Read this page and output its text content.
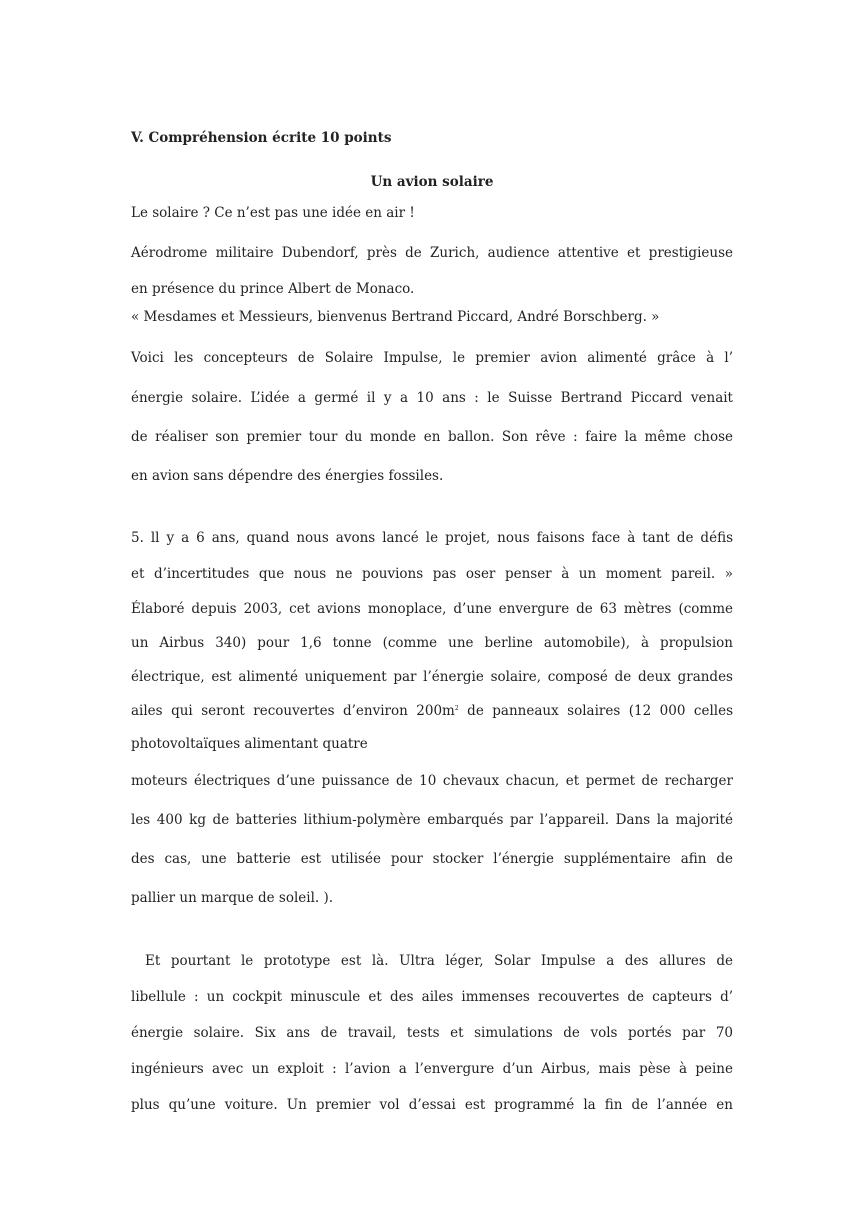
V. Compréhension écrite 10 points
Un avion solaire
Le solaire ? Ce n’est pas une idée en air !
Aérodrome militaire Dubendorf, près de Zurich, audience attentive et prestigieuse
en présence du prince Albert de Monaco.
« Mesdames et Messieurs, bienvenus Bertrand Piccard, André Borschberg. »
Voici les concepteurs de Solaire Impulse, le premier avion alimenté grâce à l’
énergie solaire. L’idée a germé il y a 10 ans : le Suisse Bertrand Piccard venait
de réaliser son premier tour du monde en ballon. Son rêve : faire la même chose
en avion sans dépendre des énergies fossiles.
5. ll y a 6 ans, quand nous avons lancé le projet, nous faisons face à tant de défis
et d’incertitudes que nous ne pouvions pas oser penser à un moment pareil. »
Élaboré depuis 2003, cet avions monoplace, d’une envergure de 63 mètres (comme
un Airbus 340) pour 1,6 tonne (comme une berline automobile), à propulsion
électrique, est alimenté uniquement par l’énergie solaire, composé de deux grandes
ailes qui seront recouvertes d’environ $200m^2$ de panneaux solaires (12 000 celles
photovoltaïques alimentant quatre
moteurs électriques d’une puissance de 10 chevaux chacun, et permet de recharger
les 400 kg de batteries lithium-polymère embarqués par l’appareil. Dans la majorité
des cas, une batterie est utilisée pour stocker l’énergie supplémentaire afin de
pallier un marque de soleil. ).
Et pourtant le prototype est là. Ultra léger, Solar Impulse a des allures de
libellule : un cockpit minuscule et des ailes immenses recouvertes de capteurs d’
énergie solaire. Six ans de travail, tests et simulations de vols portés par 70
ingénieurs avec un exploit : l’avion a l’envergure d’un Airbus, mais pèse à peine
plus qu’une voiture. Un premier vol d’essai est programmé la fin de l’année en
